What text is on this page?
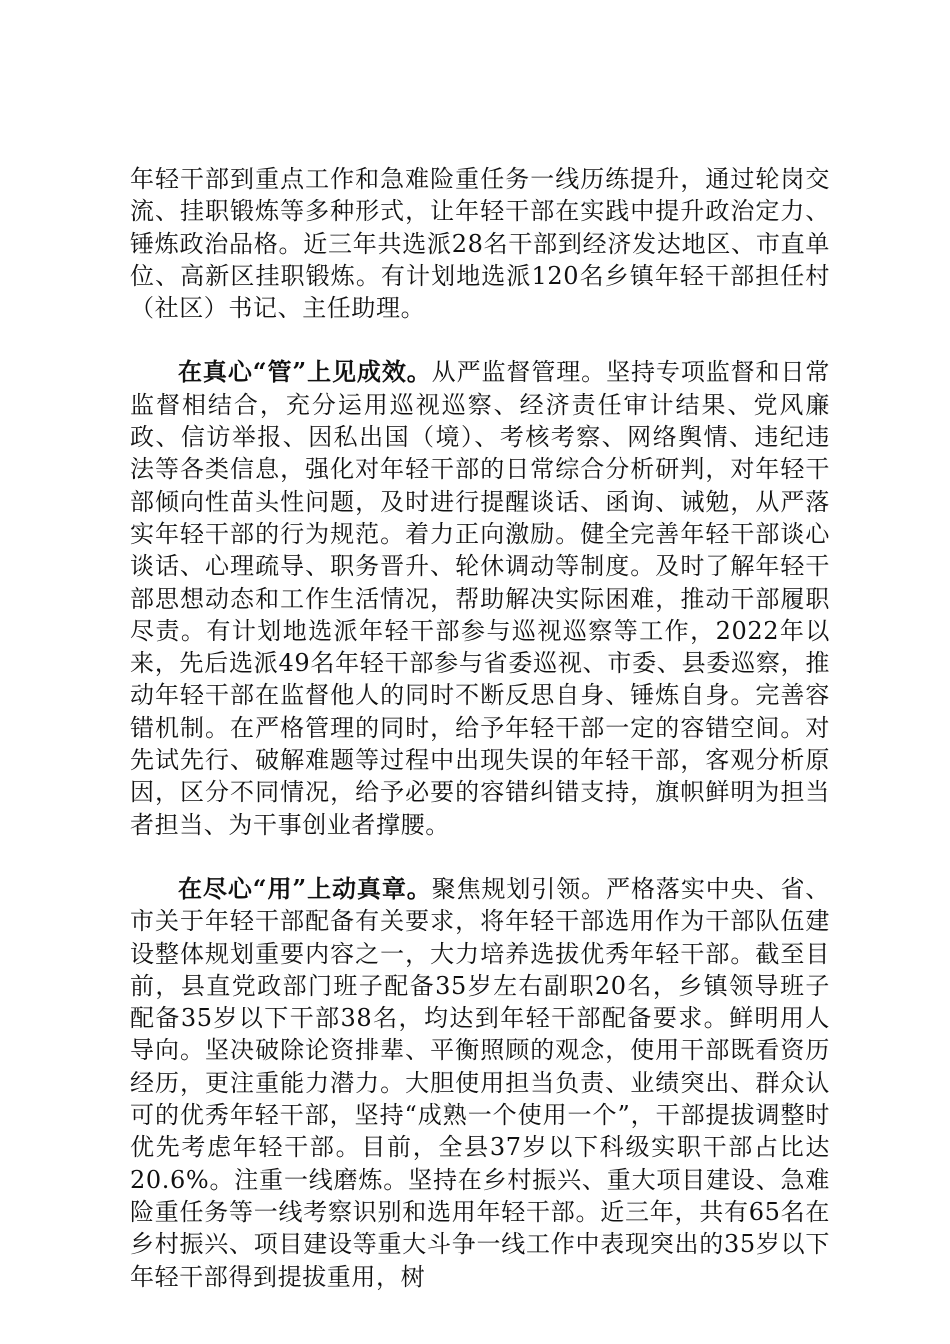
年轻干部到重点工作和急难险重任务一线历练提升，通过轮岗交流、挂职锻炼等多种形式，让年轻干部在实践中提升政治定力、锤炼政治品格。近三年共选派28名干部到经济发达地区、市直单位、高新区挂职锻炼。有计划地选派120名乡镇年轻干部担任村（社区）书记、主任助理。

在真心“管”上见成效。从严监督管理。坚持专项监督和日常监督相结合，充分运用巡视巡察、经济责任审计结果、党风廉政、信访举报、因私出国（境）、考核考察、网络舆情、违纪违法等各类信息，强化对年轻干部的日常综合分析研判，对年轻干部倾向性苗头性问题，及时进行提醒谈话、函询、诫勉，从严落实年轻干部的行为规范。着力正向激励。健全完善年轻干部谈心谈话、心理疏导、职务晋升、轮休调动等制度。及时了解年轻干部思想动态和工作生活情况，帮助解决实际困难，推动干部履职尽责。有计划地选派年轻干部参与巡视巡察等工作，2022年以来，先后选派49名年轻干部参与省委巡视、市委、县委巡察，推动年轻干部在监督他人的同时不断反思自身、锤炼自身。完善容错机制。在严格管理的同时，给予年轻干部一定的容错空间。对先试先行、破解难题等过程中出现失误的年轻干部，客观分析原因，区分不同情况，给予必要的容错纠错支持，旗帜鲜明为担当者担当、为干事创业者撑腰。

在尽心“用”上动真章。聚焦规划引领。严格落实中央、省、市关于年轻干部配备有关要求，将年轻干部选用作为干部队伍建设整体规划重要内容之一，大力培养选拔优秀年轻干部。截至目前，县直党政部门班子配备35岁左右副职20名，乡镇领导班子配备35岁以下干部38名，均达到年轻干部配备要求。鲜明用人导向。坚决破除论资排辈、平衡照顾的观念，使用干部既看资历经历，更注重能力潜力。大胆使用担当负责、业绩突出、群众认可的优秀年轻干部，坚持“成熟一个使用一个”，干部提拔调整时优先考虑年轻干部。目前，全县37岁以下科级实职干部占比达20.6%。注重一线磨炼。坚持在乡村振兴、重大项目建设、急难险重任务等一线考察识别和选用年轻干部。近三年，共有65名在乡村振兴、项目建设等重大斗争一线工作中表现突出的35岁以下年轻干部得到提拔重用，树
